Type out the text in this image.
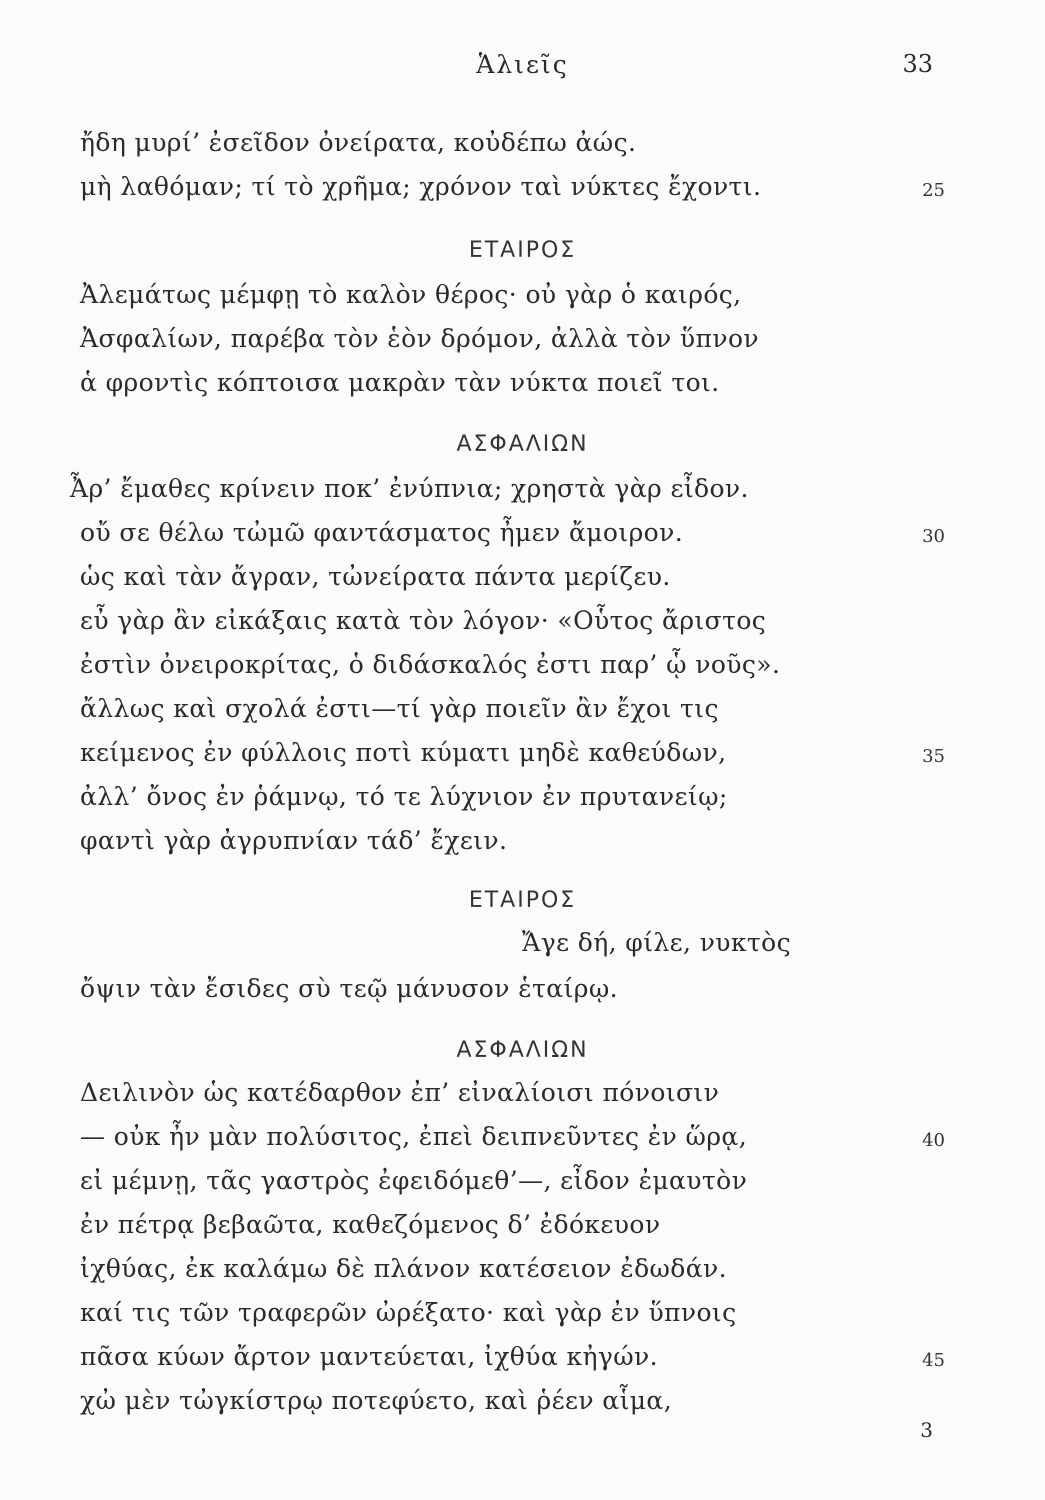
Ἁλιεῖς	33
ἤδη μυρί’ ἐσεῖδον ὀνείρατα, κοὐδέπω ἀώς.
μὴ λαθόμαν; τί τὸ χρῆμα; χρόνον ταὶ νύκτες ἔχοντι.	25
ΕΤΑΙΡΟΣ
Ἀλεμάτως μέμφῃ τὸ καλὸν θέρος· οὐ γὰρ ὁ καιρός,
Ἀσφαλίων, παρέβα τὸν ἑὸν δρόμον, ἀλλὰ τὸν ὕπνον
ἁ φροντὶς κόπτοισα μακρὰν τὰν νύκτα ποιεῖ τοι.
ΑΣΦΑΛΙΩΝ
Ἆρ’ ἔμαθες κρίνειν ποκ’ ἐνύπνια; χρηστὰ γὰρ εἶδον.
οὔ σε θέλω τὠμῶ φαντάσματος ἦμεν ἄμοιρον.	30
ὡς καὶ τὰν ἄγραν, τὠνείρατα πάντα μερίζευ.
εὖ γὰρ ἂν εἰκάξαις κατὰ τὸν λόγον· «Οὗτος ἄριστος
ἐστὶν ὀνειροκρίτας, ὁ διδάσκαλός ἐστι παρ’ ᾧ νοῦς».
ἄλλως καὶ σχολά ἐστι—τί γὰρ ποιεῖν ἂν ἔχοι τις
κείμενος ἐν φύλλοις ποτὶ κύματι μηδὲ καθεύδων,	35
ἀλλ’ ὄνος ἐν ῥάμνῳ, τό τε λύχνιον ἐν πρυτανείῳ;
φαντὶ γὰρ ἀγρυπνίαν τάδ’ ἔχειν.
ΕΤΑΙΡΟΣ
Ἄγε δή, φίλε, νυκτὸς
ὄψιν τὰν ἔσιδες σὺ τεῷ μάνυσον ἑταίρῳ.
ΑΣΦΑΛΙΩΝ
Δειλινὸν ὡς κατέδαρθον ἐπ’ εἰναλίοισι πόνοισιν
— οὐκ ἦν μὰν πολύσιτος, ἐπεὶ δειπνεῦντες ἐν ὥρᾳ,	40
εἰ μέμνῃ, τᾶς γαστρὸς ἐφειδόμεθ’—, εἶδον ἐμαυτὸν
ἐν πέτρᾳ βεβαῶτα, καθεζόμενος δ’ ἐδόκευον
ἰχθύας, ἐκ καλάμω δὲ πλάνον κατέσειον ἐδωδάν.
καί τις τῶν τραφερῶν ὠρέξατο· καὶ γὰρ ἐν ὕπνοις
πᾶσα κύων ἄρτον μαντεύεται, ἰχθύα κἠγών.	45
χὠ μὲν τὠγκίστρῳ ποτεφύετο, καὶ ῥέεν αἷμα,
3
